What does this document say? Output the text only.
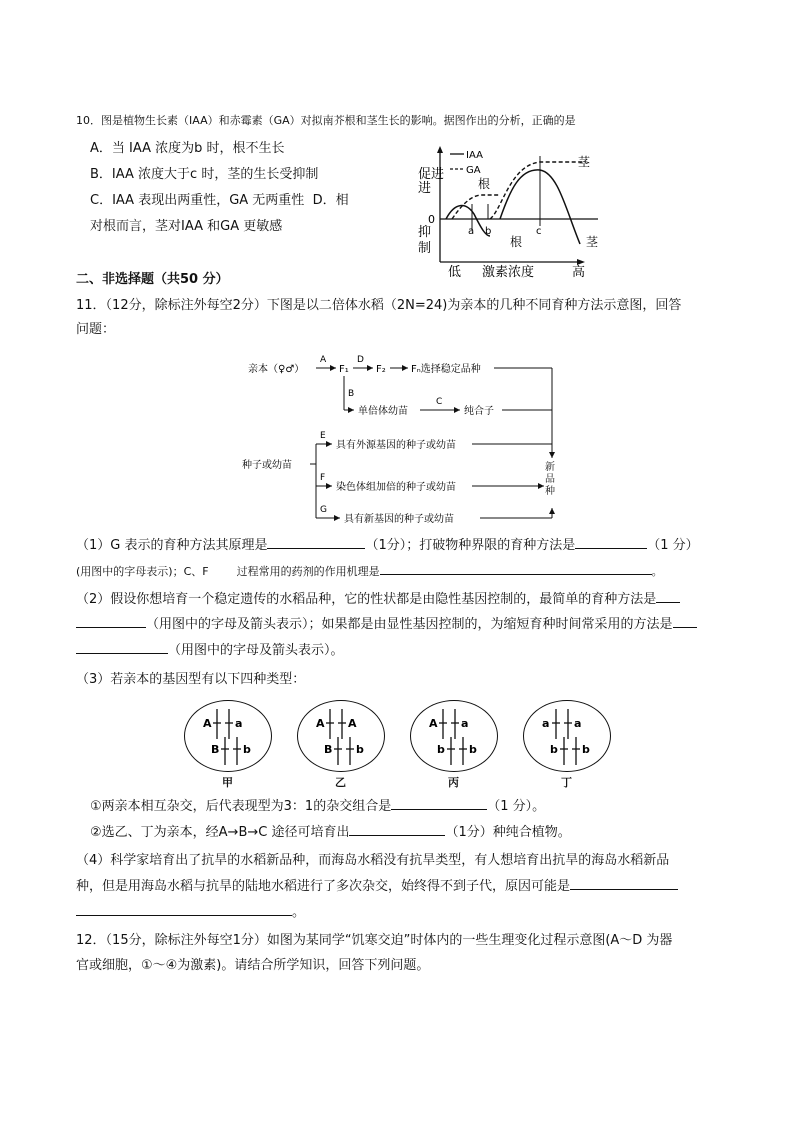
10．图是植物生长素（IAA）和赤霉素（GA）对拟南芥根和茎生长的影响。据图作出的分析，正确的是
A．当 IAA 浓度为b 时，根不生长
B．IAA 浓度大于c 时，茎的生长受抑制
C．IAA 表现出两重性，GA 无两重性 D．相
对根而言，茎对IAA 和GA 更敏感
促进
进
0
抑
制
IAA
GA
a b	c
根
茎
根	茎
低 激素浓度	高
二、非选择题（共50 分）
11．（12分，除标注外每空2分）下图是以二倍体水稻（2N=24)为亲本的几种不同育种方法示意图，回答
问题：
亲本（♀♂）
A
F₁
D
F₂	Fₙ选择稳定品种
B
单倍体幼苗
C
纯合子
种子或幼苗
E
具有外源基因的种子或幼苗
F
染色体组加倍的种子或幼苗
G
具有新基因的种子或幼苗
新品种
（1）G 表示的育种方法其原理是	（1分）；打破物种界限的育种方法是	（1 分）
(用图中的字母表示)；C、F	过程常用的药剂的作用机理是	。
（2）假设你想培育一个稳定遗传的水稻品种，它的性状都是由隐性基因控制的，最简单的育种方法是
（用图中的字母及箭头表示）；如果都是由显性基因控制的，为缩短育种时间常采用的方法是
（用图中的字母及箭头表示）。
（3）若亲本的基因型有以下四种类型：
A a
B b
甲
A A
B b
乙
A a
b b
丙
a a
b b
丁
①两亲本相互杂交，后代表现型为3：1的杂交组合是	（1 分）。
②选乙、丁为亲本，经A→B→C 途径可培育出	（1分）种纯合植物。
（4）科学家培育出了抗旱的水稻新品种，而海岛水稻没有抗旱类型，有人想培育出抗旱的海岛水稻新品
种，但是用海岛水稻与抗旱的陆地水稻进行了多次杂交，始终得不到子代，原因可能是
。
12．（15分，除标注外每空1分）如图为某同学“饥寒交迫”时体内的一些生理变化过程示意图(A～D 为器
官或细胞，①～④为激素)。请结合所学知识，回答下列问题。
